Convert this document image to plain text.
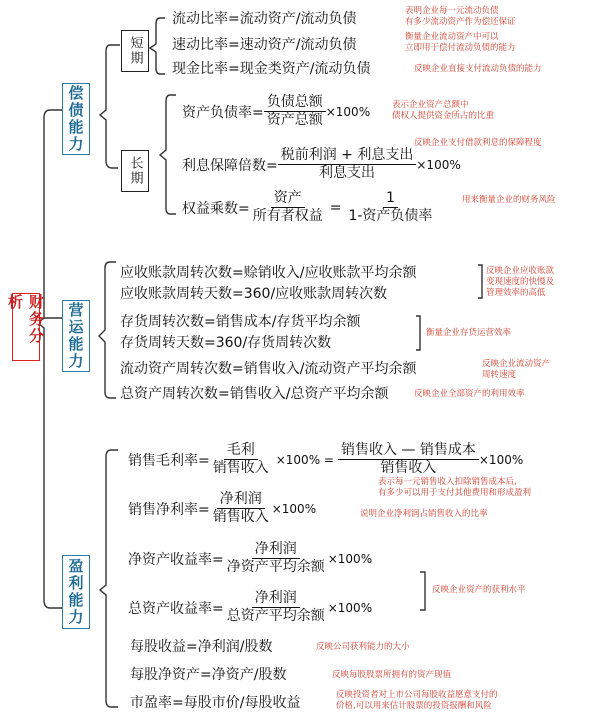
财务分析
偿债能力
营运能力
盈利能力
短期
长期
流动比率=流动资产/流动负债	表明企业每一元流动负债
有多少流动资产作为偿还保证
速动比率=速动资产/流动负债	衡量企业流动资产中可以
立即用于偿付流动负债的能力
现金比率=现金类资产/流动负债	反映企业直接支付流动负债的能力
资产负债率= $\frac{\text{负债总额}}{\text{资产总额}} \times 100\%$	表示企业资产总额中
债权人提供资金所占的比重
反映企业支付借款利息的保障程度
利息保障倍数= $\frac{\text{税前利润 + 利息支出}}{\text{利息支出}} \times 100\%$
权益乘数= $\frac{\text{资产}}{\text{所有者权益}} = \frac{1}{\text{1-资产负债率}}$	用来衡量企业的财务风险
应收账款周转次数=赊销收入/应收账款平均余额
应收账款周转天数=360/应收账款周转次数
反映企业应收账款
变现速度的快慢及
管理效率的高低
存货周转次数=销售成本/存货平均余额
存货周转天数=360/存货周转次数
衡量企业存货运营效率
流动资产周转次数=销售收入/流动资产平均余额	反映企业流动资产
周转速度
总资产周转次数=销售收入/总资产平均余额	反映企业全部资产的利用效率
销售毛利率= $\frac{\text{毛利}}{\text{销售收入}} \times 100\% = \frac{\text{销售收入 — 销售成本}}{\text{销售收入}} \times 100\%$
表示每一元销售收入扣除销售成本后,
有多少可以用于支付其他费用和形成盈利
销售净利率= $\frac{\text{净利润}}{\text{销售收入}} \times 100\%$	说明企业净利润占销售收入的比率
净资产收益率= $\frac{\text{净利润}}{\text{净资产平均余额}} \times 100\%$
总资产收益率= $\frac{\text{净利润}}{\text{总资产平均余额}} \times 100\%$
反映企业资产的获利水平
每股收益=净利润/股数	反映公司获利能力的大小
每股净资产=净资产/股数	反映每股股票所拥有的资产现值
市盈率=每股市价/每股收益	反映投资者对上市公司每股收益愿意支付的
价格,可以用来估计股票的投资报酬和风险
